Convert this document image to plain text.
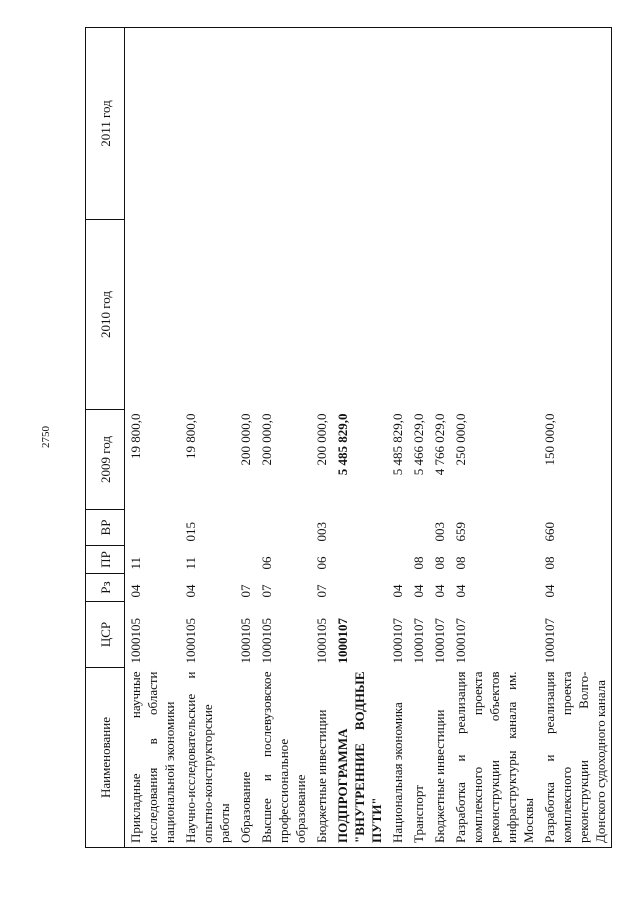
2750
Наименование	ЦСР	Рз	ПР	ВР	2009 год	2010 год	2011 год
Прикладные научные исследования в области национальной экономики	1000105	04	11		19 800,0		
Научно-исследовательские и опытно-конструкторские работы	1000105	04	11	015	19 800,0		
Образование	1000105	07			200 000,0		
Высшее и послевузовское профессиональное образование	1000105	07	06		200 000,0		
Бюджетные инвестиции	1000105	07	06	003	200 000,0		
ПОДПРОГРАММА "ВНУТРЕННИЕ ВОДНЫЕ ПУТИ"	1000107				5 485 829,0		
Национальная экономика	1000107	04			5 485 829,0		
Транспорт	1000107	04	08		5 466 029,0		
Бюджетные инвестиции	1000107	04	08	003	4 766 029,0		
Разработка и реализация комплексного проекта реконструкции объектов инфраструктуры канала им. Москвы	1000107	04	08	659	250 000,0		
Разработка и реализация комплексного проекта реконструкции Волго-Донского судоходного канала	1000107	04	08	660	150 000,0		
